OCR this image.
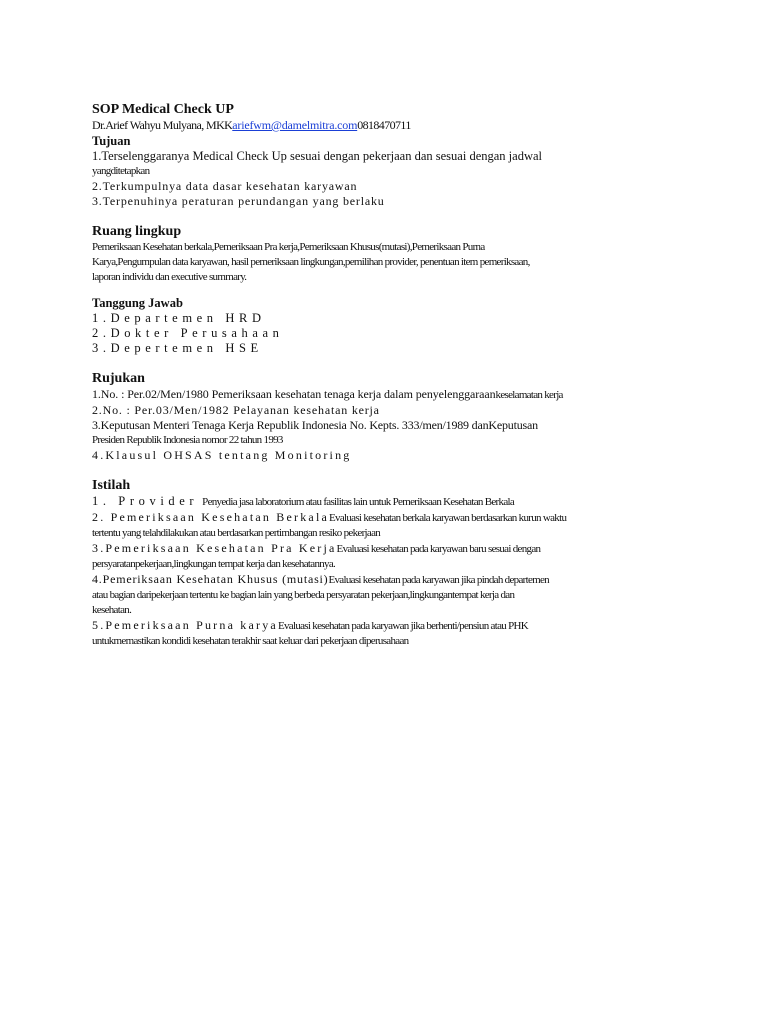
SOP Medical Check UP
Dr.Arief Wahyu Mulyana, MKKariefwm@damelmitra.com0818470711
Tujuan
1.Terselenggaranya Medical Check Up sesuai dengan pekerjaan dan sesuai dengan jadwal
yangditetapkan
2.Terkumpulnya data dasar kesehatan karyawan
3.Terpenuhinya peraturan perundangan yang berlaku
Ruang lingkup
Pemeriksaan Kesehatan berkala,Pemeriksaan Pra kerja,Pemeriksaan Khusus(mutasi),Pemeriksaan Purna
Karya,Pengumpulan data karyawan, hasil pemeriksaan lingkungan,pemilihan provider, penentuan item pemeriksaan,
laporan individu dan executive summary.
Tanggung Jawab
1.Departemen HRD
2.Dokter Perusahaan
3.Depertemen HSE
Rujukan
1.No. : Per.02/Men/1980 Pemeriksaan kesehatan tenaga kerja dalam penyelenggaraankeselamatan kerja
2.No. : Per.03/Men/1982 Pelayanan kesehatan kerja
3.Keputusan Menteri Tenaga Kerja Republik Indonesia No. Kepts. 333/men/1989 danKeputusan
Presiden Republik Indonesia nomor 22 tahun 1993
4.Klausul OHSAS tentang Monitoring
Istilah
1. Provider Penyedia jasa laboratorium atau fasilitas lain untuk Pemeriksaan Kesehatan Berkala
2. Pemeriksaan Kesehatan BerkalaEvaluasi kesehatan berkala karyawan berdasarkan kurun waktu
tertentu yang telahdilakukan atau berdasarkan pertimbangan resiko pekerjaan
3.Pemeriksaan Kesehatan Pra KerjaEvaluasi kesehatan pada karyawan baru sesuai dengan
persyaratanpekerjaan,lingkungan tempat kerja dan kesehatannya.
4.Pemeriksaan Kesehatan Khusus (mutasi)Evaluasi kesehatan pada karyawan jika pindah departemen
atau bagian daripekerjaan tertentu ke bagian lain yang berbeda persyaratan pekerjaan,lingkungantempat kerja dan
kesehatan.
5.Pemeriksaan Purna karyaEvaluasi kesehatan pada karyawan jika berhenti/pensiun atau PHK
untukmemastikan kondidi kesehatan terakhir saat keluar dari pekerjaan diperusahaan
